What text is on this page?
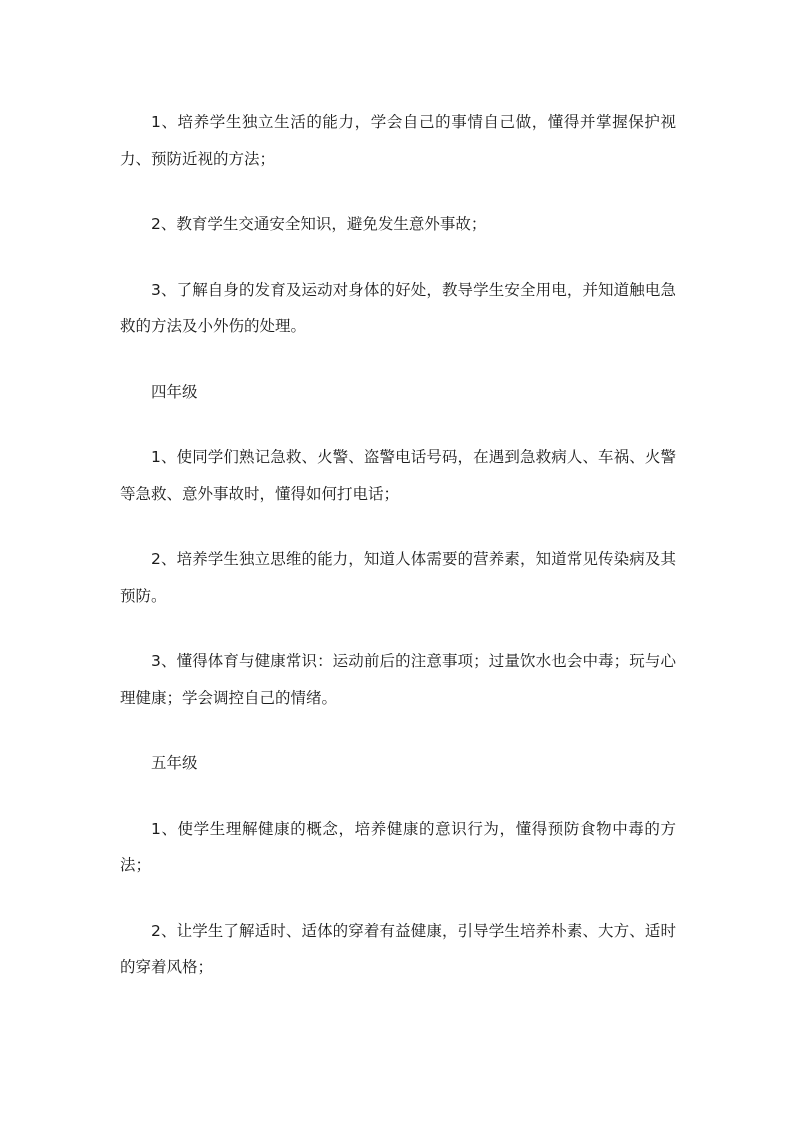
1、培养学生独立生活的能力，学会自己的事情自己做，懂得并掌握保护视力、预防近视的方法；

2、教育学生交通安全知识，避免发生意外事故；

3、了解自身的发育及运动对身体的好处，教导学生安全用电，并知道触电急救的方法及小外伤的处理。

四年级

1、使同学们熟记急救、火警、盗警电话号码，在遇到急救病人、车祸、火警等急救、意外事故时，懂得如何打电话；

2、培养学生独立思维的能力，知道人体需要的营养素，知道常见传染病及其预防。

3、懂得体育与健康常识：运动前后的注意事项；过量饮水也会中毒；玩与心理健康；学会调控自己的情绪。

五年级

1、使学生理解健康的概念，培养健康的意识行为，懂得预防食物中毒的方法；

2、让学生了解适时、适体的穿着有益健康，引导学生培养朴素、大方、适时的穿着风格；
